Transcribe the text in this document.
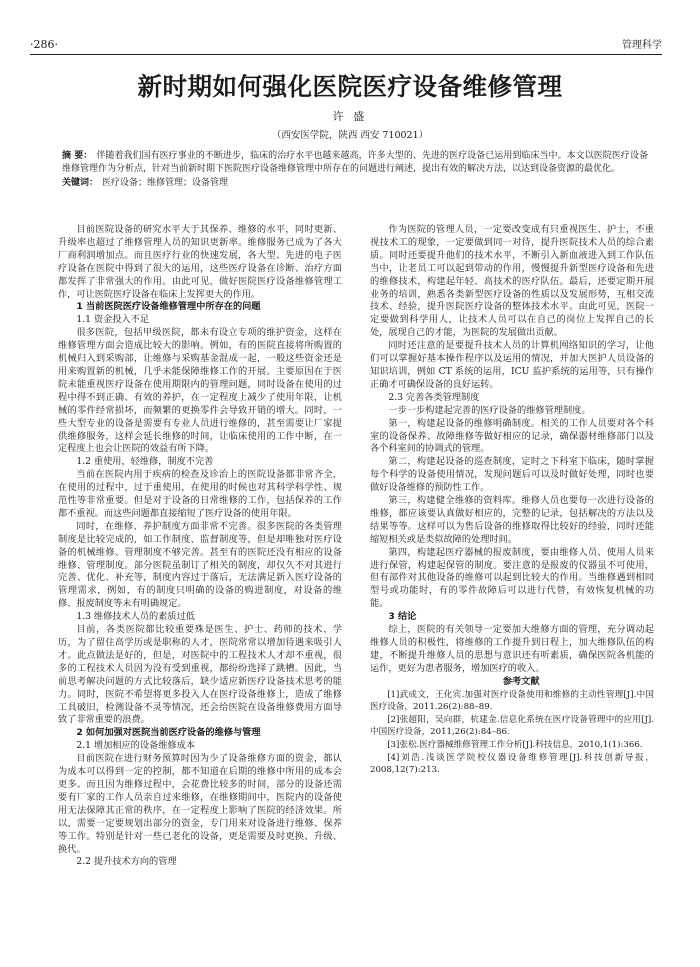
·286·	管理科学
新时期如何强化医院医疗设备维修管理
许 盛
（西安医学院，陕西 西安 710021）
摘 要： 伴随着我们国有医疗事业的不断进步，临床的治疗水平也越来越高，许多大型的、先进的医疗设备已运用到临床当中。本文以医院医疗设备维修管理作为分析点，针对当前新时期下医院医疗设备维修管理中所存在的问题进行阐述，提出有效的解决方法，以达到设备资源的最优化。
关键词： 医疗设备；维修管理；设备管理

目前医院设备的研究水平大于其保养、维修的水平，同时更新、升级率也超过了维修管理人员的知识更新率。维修服务已成为了各大厂商利润增加点。而且医疗行业的快速发展，各大型、先进的电子医疗设备在医院中得到了很大的运用，这些医疗设备在诊断、治疗方面都发挥了非常强大的作用。由此可见，做好医院医疗设备维修管理工作，可让医院医疗设备在临床上发挥更大的作用。

1 当前医院医疗设备维修管理中所存在的问题

1.1 资金投入不足

很多医院，包括甲级医院，都未有设立专项的维护资金，这样在维修管理方面会造成比较大的影响。例如，有的医院直接将所购置的机械归入到采购部，让维修与采购基金混成一起，一般这些资金还是用来购置新的机械，几乎未能保障维修工作的开展。主要原因在于医院未能重视医疗设备在使用期限内的管理问题，同时设备在使用的过程中得不到正确、有效的养护，在一定程度上减少了使用年限，让机械的零件经常损坏，而频繁的更换零件会导致开销的增大。同时，一些大型专业的设备是需要有专业人员进行维修的，甚至需要让厂家提供维修服务，这样会延长维修的时间，让临床使用的工作中断，在一定程度上也会让医院的效益有所下降。

1.2 重使用，轻维修，制度不完善

当前在医院内用于疾病的检查及诊治上的医院设备都非常齐全，在使用的过程中，过于重使用，在使用的时候也对其科学科学性、规范性等非常重要。但是对于设备的日常维修的工作，包括保养的工作都不重视。而这些问题都直接缩短了医疗设备的使用年限。

同时，在维修、养护制度方面非常不完善。很多医院的各类管理制度是比较完成的，如工作制度、监督制度等，但是却唯独对医疗设备的机械维修、管理制度不够完善。甚至有的医院还没有相应的设备维修、管理制度。部分医院虽制订了相关的制度，却仅久不对其进行完善、优化、补充等，制度内容过于落后，无法满足新入医疗设备的管理需求，例如，有的制度只明确的设备的购进制度，对设备的维修、报废制度等未有明确规定。

1.3 维修技术人员的素质过低

目前，各类医院都比较重要殊是医生、护士、药师的技术、学历，为了留住高学历或是职称的人才，医院常常以增加待遇来吸引人才。此点做法是好的，但是，对医院中的工程技术人才却不重视，很多的工程技术人员因为没有受到重视，都纷纷选择了跳槽。因此，当前思考解决问题的方式比较落后，缺少适应新医疗设备技术思考的能力。同时，医院不希望将更多投入人在医疗设备维修上，造成了维修工具破旧，检测设备不灵等情况，还会给医院在设备维修费用方面导致了非常重要的浪费。

2 如何加强对医院当前医疗设备的维修与管理

2.1 增加相应的设备维修成本

目前医院在进行财务预算时因为少了设备维修方面的资金，都认为成本可以得到一定的控制，都不知道在后期的维修中所用的成本会更多。而且因为维修过程中，会花费比较多的时间，部分的设备还需要有厂家的工作人员亲自过来维修，在维修期间中，医院内的设备使用无法保障其正常的秩序，在一定程度上影响了医院的经济效果。所以，需要一定要规划出部分的资金，专门用来对设备进行维修、保养等工作。特别是针对一些已老化的设备，更是需要及时更换、升级、换代。

2.2 提升技术方向的管理

作为医院的管理人员，一定要改变成有只重视医生、护士，不重视技术工的现象，一定要做到同一对待，提升医院技术人员的综合素质。同时还要提升他们的技术水平，不断引入新血液进入到工作队伍当中，让老员工可以起到带动的作用，慢慢提升新型医疗设备和先进的维修技术，构建起年轻、高技术的医疗队伍。最后，还要定期开展业务的培训，熟悉各类新型医疗设备的性质以及发展形势，互相交流技术、经验，提升医院医疗设备的整体技术水平。由此可见，医院一定要做到科学用人，让技术人员可以在自己的岗位上发挥自己的长处，展现自己的才能，为医院的发展做出贡献。

同时还注意的是要提升技术人员的计算机网络知识的学习，让他们可以掌握好基本操作程序以及运用的情况，并加大医护人员设备的知识培训，例如 CT 系统的运用，ICU 监护系统的运用等，只有操作正确才可确保设备的良好运转。

2.3 完善各类管理制度

一步一步构建起完善的医疗设备的维修管理制度。

第一，构建起设备的维修明确制度。相关的工作人员要对各个科室的设备保养、故障维修等做好相应的记录，确保器材维修部门以及各个科室间的协调式的管理。

第二，构建起设备的巡查制度，定时之下科室下临床，随时掌握每个科学的设备使用情况，发现问题后可以及时做好处理，同时也要做好设备维修的预防性工作。

第三，构建健全维修的资料库。维修人员也要每一次进行设备的维修，都应该要认真做好相应的，完整的记录，包括解决的方法以及结果等等。这样可以为售后设备的维修取得比较好的经验，同时还能缩短相关或是类似故障的处理时间。

第四，构建起医疗器械的报废制度，要由维修人员、使用人员来进行保管，构建起保管的制度。要注意的是报废的仪器虽不可使用，但有部件对其他设备的维修可以起到比较大的作用。当维修遇到相同型号或功能时，有的零件故障后可以进行代替，有效恢复机械的功能。

3 结论

综上，医院的有关领导一定要加大维修方面的管理，充分调动起维修人员的积极性，将维修的工作提升到日程上，加大维修队伍的构建，不断提升维修人员的思想与意识还有听素质，确保医院各机能的运作，更好为患者服务，增加医疗的收入。

参考文献

[1]武成文，王化宾.加强对医疗设备使用和维修的主动性管理[J].中国医疗设备，2011.26(2):88–89.

[2]张超阳，吴向群，杭建金.信息化系统在医疗设备管理中的应用[J].中国医疗设备，2011,26(2):84–86.

[3]张松.医疗器械维修管理工作分析[J].科技信息，2010,1(1):366.

[4]刘浩.浅谈医学院校仪器设备维修管理[J].科技创新导报，2008,12(7):213.
